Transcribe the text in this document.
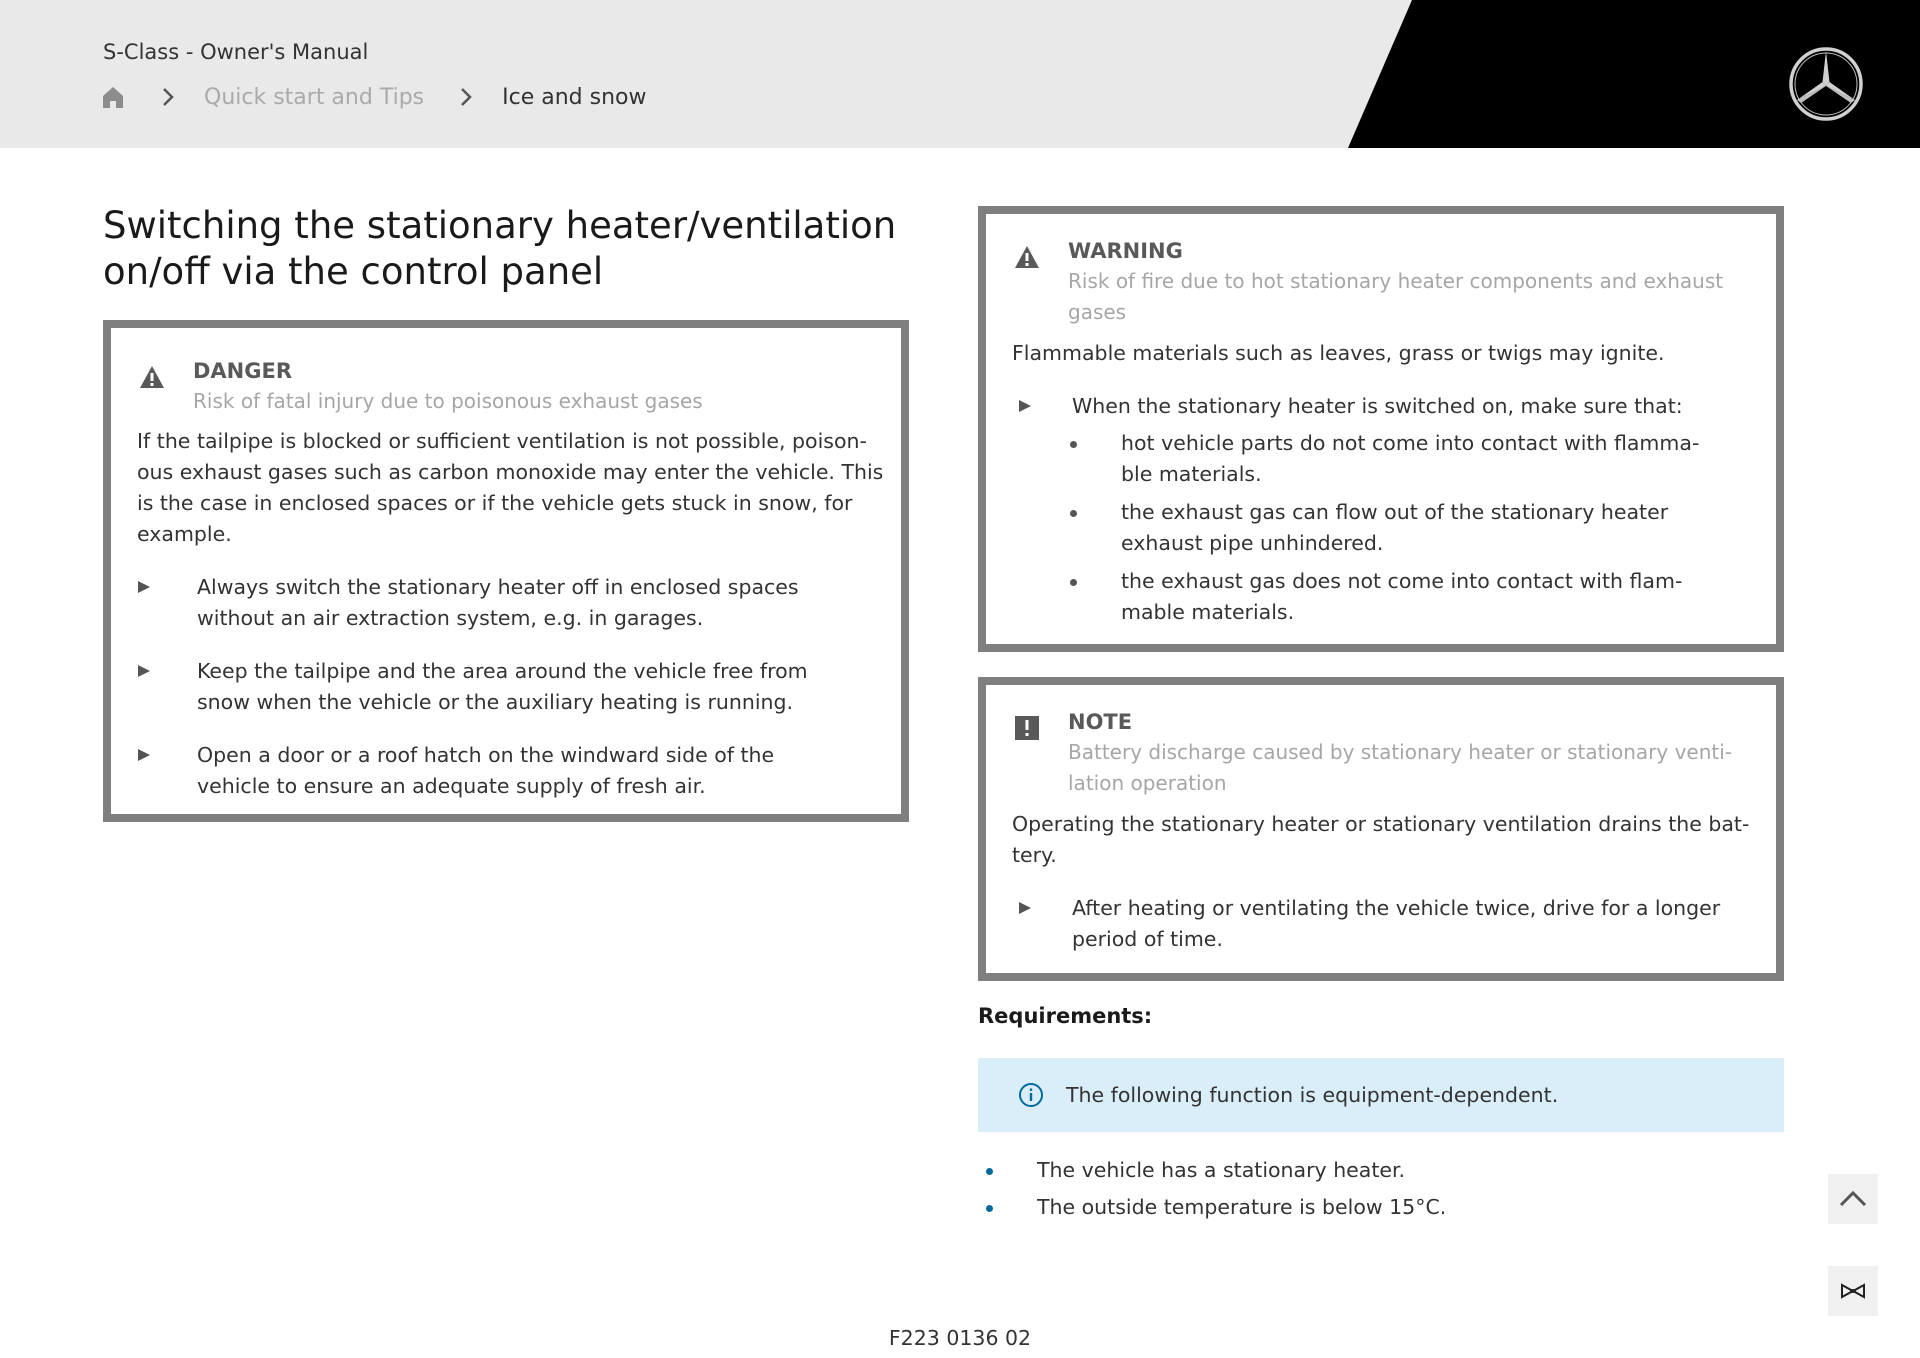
S-Class - Owner's Manual
Quick start and Tips	Ice and snow
Switching the stationary heater/ventilation on/off via the control panel
DANGER
Risk of fatal injury due to poisonous exhaust gases

If the tailpipe is blocked or sufficient ventilation is not possible, poisonous exhaust gases such as carbon monoxide may enter the vehicle. This is the case in enclosed spaces or if the vehicle gets stuck in snow, for example.

Always switch the stationary heater off in enclosed spaces without an air extraction system, e.g. in garages.
Keep the tailpipe and the area around the vehicle free from snow when the vehicle or the auxiliary heating is running.
Open a door or a roof hatch on the windward side of the vehicle to ensure an adequate supply of fresh air.
WARNING
Risk of fire due to hot stationary heater components and exhaust gases

Flammable materials such as leaves, grass or twigs may ignite.

When the stationary heater is switched on, make sure that:
hot vehicle parts do not come into contact with flammable materials.
the exhaust gas can flow out of the stationary heater exhaust pipe unhindered.
the exhaust gas does not come into contact with flammable materials.
NOTE
Battery discharge caused by stationary heater or stationary ventilation operation

Operating the stationary heater or stationary ventilation drains the battery.

After heating or ventilating the vehicle twice, drive for a longer period of time.
Requirements:
The following function is equipment-dependent.
The vehicle has a stationary heater.
The outside temperature is below 15°C.
F223 0136 02
